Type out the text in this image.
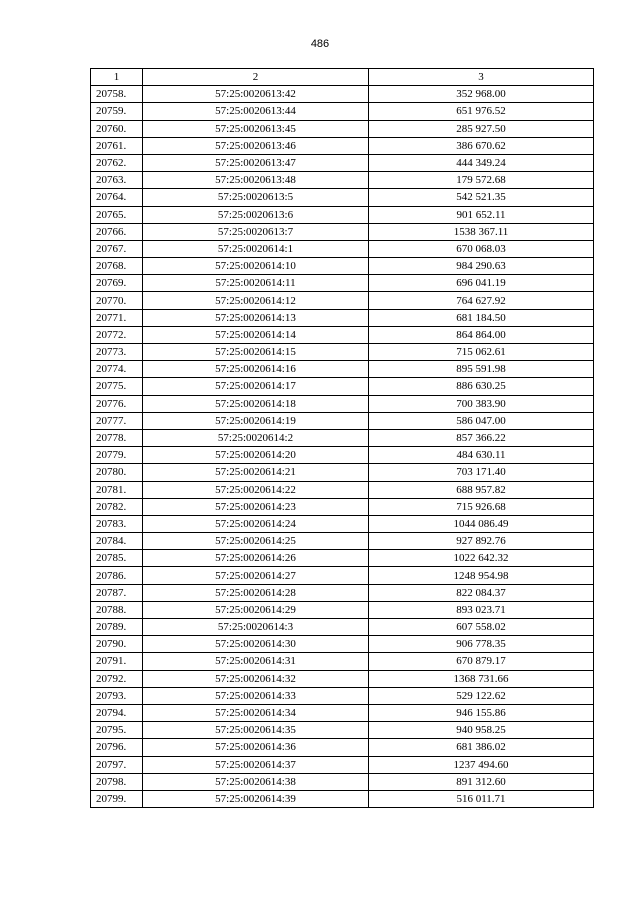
486
1	2	3
20758.	57:25:0020613:42	352 968.00
20759.	57:25:0020613:44	651 976.52
20760.	57:25:0020613:45	285 927.50
20761.	57:25:0020613:46	386 670.62
20762.	57:25:0020613:47	444 349.24
20763.	57:25:0020613:48	179 572.68
20764.	57:25:0020613:5	542 521.35
20765.	57:25:0020613:6	901 652.11
20766.	57:25:0020613:7	1538 367.11
20767.	57:25:0020614:1	670 068.03
20768.	57:25:0020614:10	984 290.63
20769.	57:25:0020614:11	696 041.19
20770.	57:25:0020614:12	764 627.92
20771.	57:25:0020614:13	681 184.50
20772.	57:25:0020614:14	864 864.00
20773.	57:25:0020614:15	715 062.61
20774.	57:25:0020614:16	895 591.98
20775.	57:25:0020614:17	886 630.25
20776.	57:25:0020614:18	700 383.90
20777.	57:25:0020614:19	586 047.00
20778.	57:25:0020614:2	857 366.22
20779.	57:25:0020614:20	484 630.11
20780.	57:25:0020614:21	703 171.40
20781.	57:25:0020614:22	688 957.82
20782.	57:25:0020614:23	715 926.68
20783.	57:25:0020614:24	1044 086.49
20784.	57:25:0020614:25	927 892.76
20785.	57:25:0020614:26	1022 642.32
20786.	57:25:0020614:27	1248 954.98
20787.	57:25:0020614:28	822 084.37
20788.	57:25:0020614:29	893 023.71
20789.	57:25:0020614:3	607 558.02
20790.	57:25:0020614:30	906 778.35
20791.	57:25:0020614:31	670 879.17
20792.	57:25:0020614:32	1368 731.66
20793.	57:25:0020614:33	529 122.62
20794.	57:25:0020614:34	946 155.86
20795.	57:25:0020614:35	940 958.25
20796.	57:25:0020614:36	681 386.02
20797.	57:25:0020614:37	1237 494.60
20798.	57:25:0020614:38	891 312.60
20799.	57:25:0020614:39	516 011.71
